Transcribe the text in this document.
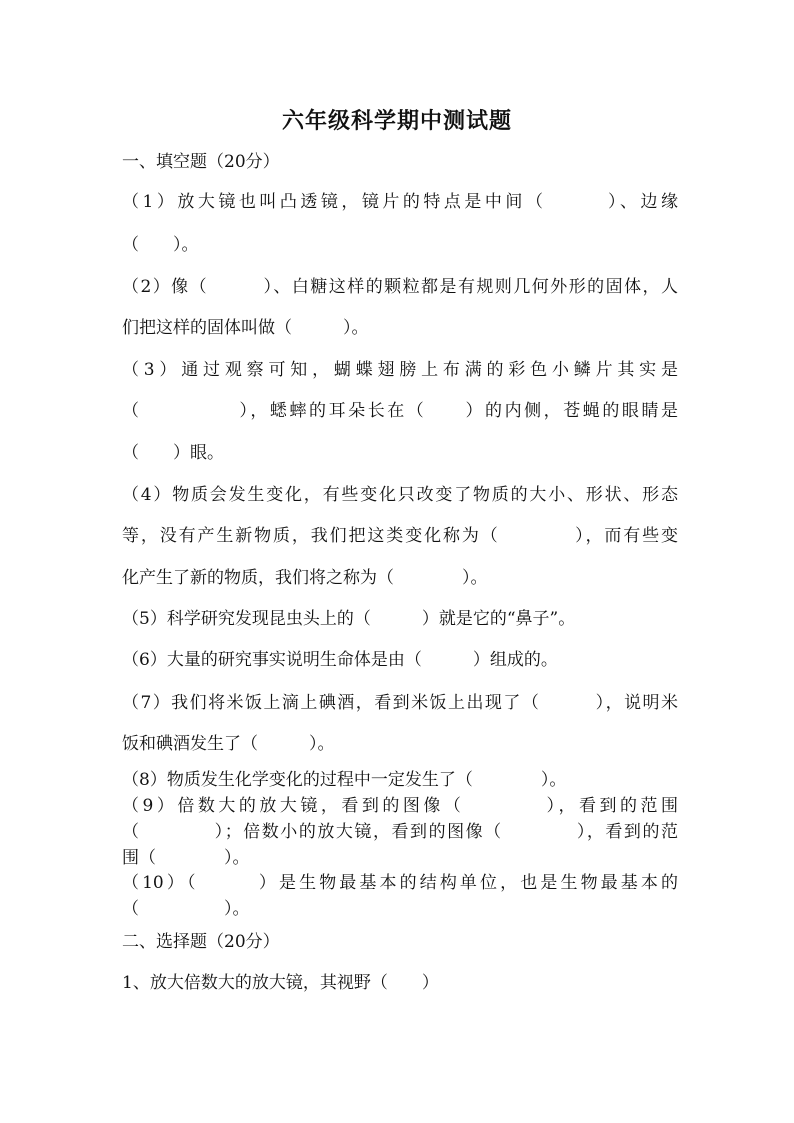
六年级科学期中测试题
一、填空题（20分）
（1）放大镜也叫凸透镜，镜片的特点是中间（　　　）、边缘
（　　）。
（2）像（　　　）、白糖这样的颗粒都是有规则几何外形的固体，人
们把这样的固体叫做（　　　）。
（3）通过观察可知，蝴蝶翅膀上布满的彩色小鳞片其实是
（　　　　　），蟋蟀的耳朵长在（　　）的内侧，苍蝇的眼睛是
（　　）眼。
（4）物质会发生变化，有些变化只改变了物质的大小、形状、形态
等，没有产生新物质，我们把这类变化称为（　　　　），而有些变
化产生了新的物质，我们将之称为（　　　　）。
（5）科学研究发现昆虫头上的（　　　）就是它的“鼻子”。
（6）大量的研究事实说明生命体是由（　　　）组成的。
（7）我们将米饭上滴上碘酒，看到米饭上出现了（　　　），说明米
饭和碘酒发生了（　　　）。
（8）物质发生化学变化的过程中一定发生了（　　　　）。
（9）倍数大的放大镜，看到的图像（　　　　），看到的范围
（　　　　）；倍数小的放大镜，看到的图像（　　　　），看到的范
围（　　　　）。
（10）（　　　）是生物最基本的结构单位，也是生物最基本的
（　　　　　）。
二、选择题（20分）
1、放大倍数大的放大镜，其视野（　　）
